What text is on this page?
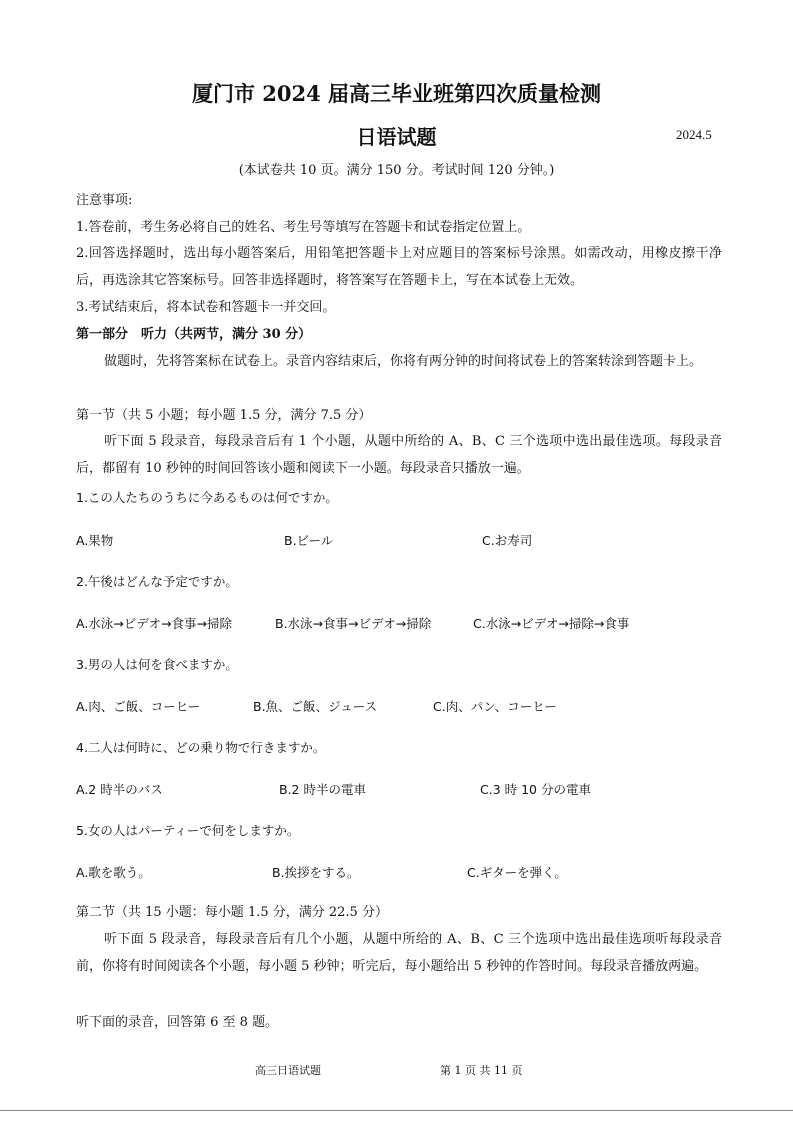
厦门市 2024 届高三毕业班第四次质量检测
日语试题	2024.5
(本试卷共 10 页。满分 150 分。考试时间 120 分钟。)
注意事项:
1.答卷前，考生务必将自己的姓名、考生号等填写在答题卡和试卷指定位置上。
2.回答选择题时，选出每小题答案后，用铅笔把答题卡上对应题目的答案标号涂黑。如需改动，用橡皮擦干净后，再选涂其它答案标号。回答非选择题时，将答案写在答题卡上，写在本试卷上无效。
3.考试结束后，将本试卷和答题卡一并交回。
第一部分　听力（共两节，满分 30 分）
做题时，先将答案标在试卷上。录音内容结束后，你将有两分钟的时间将试卷上的答案转涂到答题卡上。
第一节（共 5 小题；每小题 1.5 分，满分 7.5 分）
听下面 5 段录音，每段录音后有 1 个小题，从题中所给的 A、B、C 三个选项中选出最佳选项。每段录音后，都留有 10 秒钟的时间回答该小题和阅读下一小题。每段录音只播放一遍。
1.この人たちのうちに今あるものは何ですか。
A.果物	B.ビール	C.お寿司
2.午後はどんな予定ですか。
A.水泳→ビデオ→食事→掃除	B.水泳→食事→ビデオ→掃除	C.水泳→ビデオ→掃除→食事
3.男の人は何を食べますか。
A.肉、ご飯、コーヒー	B.魚、ご飯、ジュース	C.肉、パン、コーヒー
4.二人は何時に、どの乗り物で行きますか。
A.2 時半のバス	B.2 時半の電車	C.3 時 10 分の電車
5.女の人はパーティーで何をしますか。
A.歌を歌う。	B.挨拶をする。	C.ギターを弾く。
第二节（共 15 小题：每小题 1.5 分，满分 22.5 分）
听下面 5 段录音，每段录音后有几个小题，从题中所给的 A、B、C 三个选项中选出最佳选项听每段录音前，你将有时间阅读各个小题，每小题 5 秒钟；听完后，每小题给出 5 秒钟的作答时间。每段录音播放两遍。
听下面的录音，回答第 6 至 8 题。
高三日语试题	第 1 页 共 11 页
